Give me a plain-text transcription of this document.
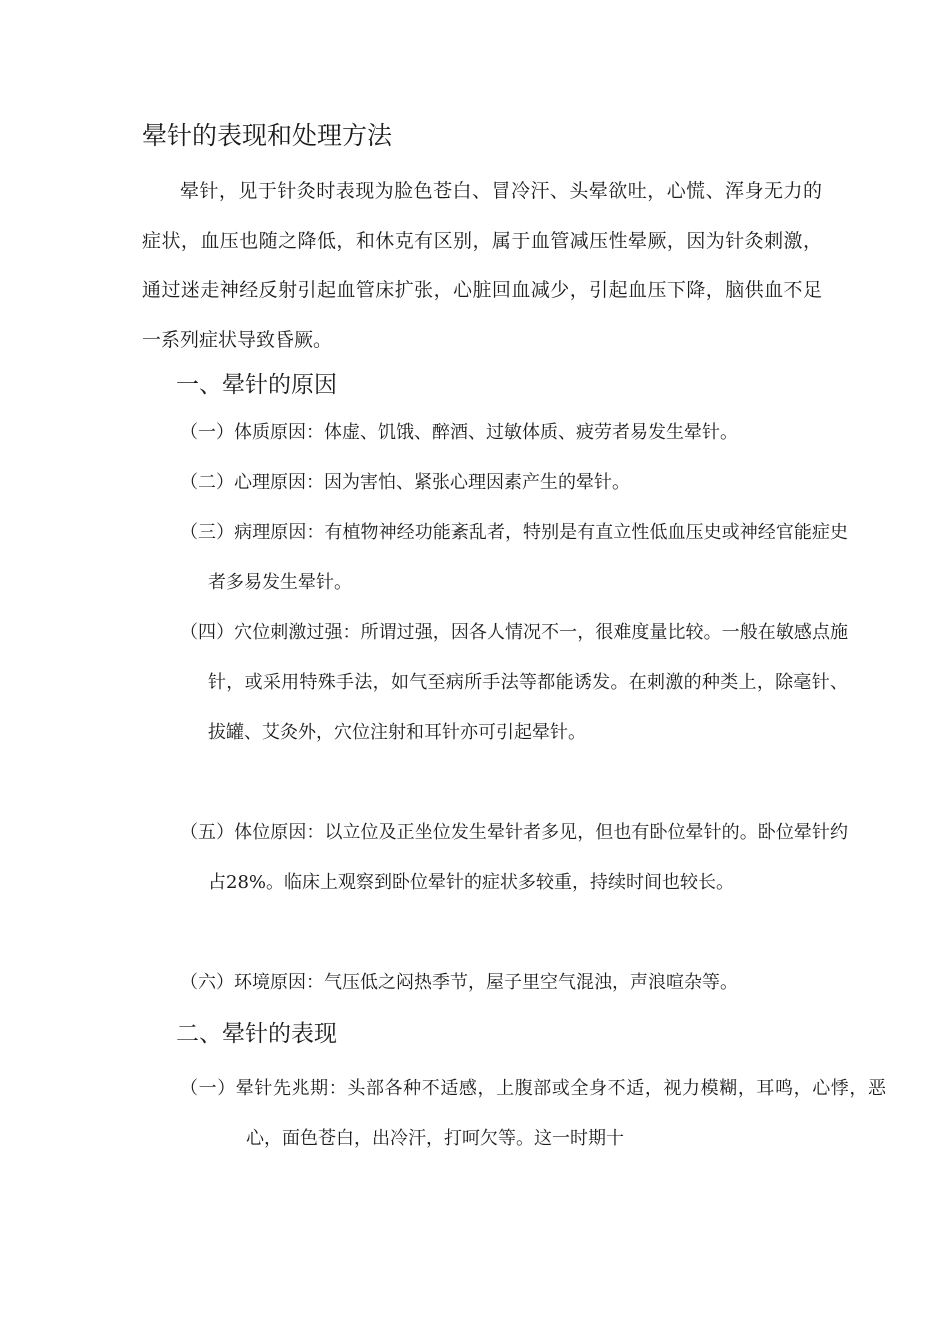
晕针的表现和处理方法
晕针，见于针灸时表现为脸色苍白、冒冷汗、头晕欲吐，心慌、浑身无力的症状，血压也随之降低，和休克有区别，属于血管减压性晕厥，因为针灸刺激，通过迷走神经反射引起血管床扩张，心脏回血减少，引起血压下降，脑供血不足一系列症状导致昏厥。
一、晕针的原因
（一）体质原因：体虚、饥饿、醉酒、过敏体质、疲劳者易发生晕针。
（二）心理原因：因为害怕、紧张心理因素产生的晕针。
（三）病理原因：有植物神经功能紊乱者，特别是有直立性低血压史或神经官能症史者多易发生晕针。
（四）穴位刺激过强：所谓过强，因各人情况不一，很难度量比较。一般在敏感点施针，或采用特殊手法，如气至病所手法等都能诱发。在刺激的种类上，除毫针、拔罐、艾灸外，穴位注射和耳针亦可引起晕针。
（五）体位原因：以立位及正坐位发生晕针者多见，但也有卧位晕针的。卧位晕针约占28%。临床上观察到卧位晕针的症状多较重，持续时间也较长。
（六）环境原因：气压低之闷热季节，屋子里空气混浊，声浪喧杂等。
二、晕针的表现
（一）晕针先兆期：头部各种不适感，上腹部或全身不适，视力模糊，耳鸣，心悸，恶心，面色苍白，出冷汗，打呵欠等。这一时期十
